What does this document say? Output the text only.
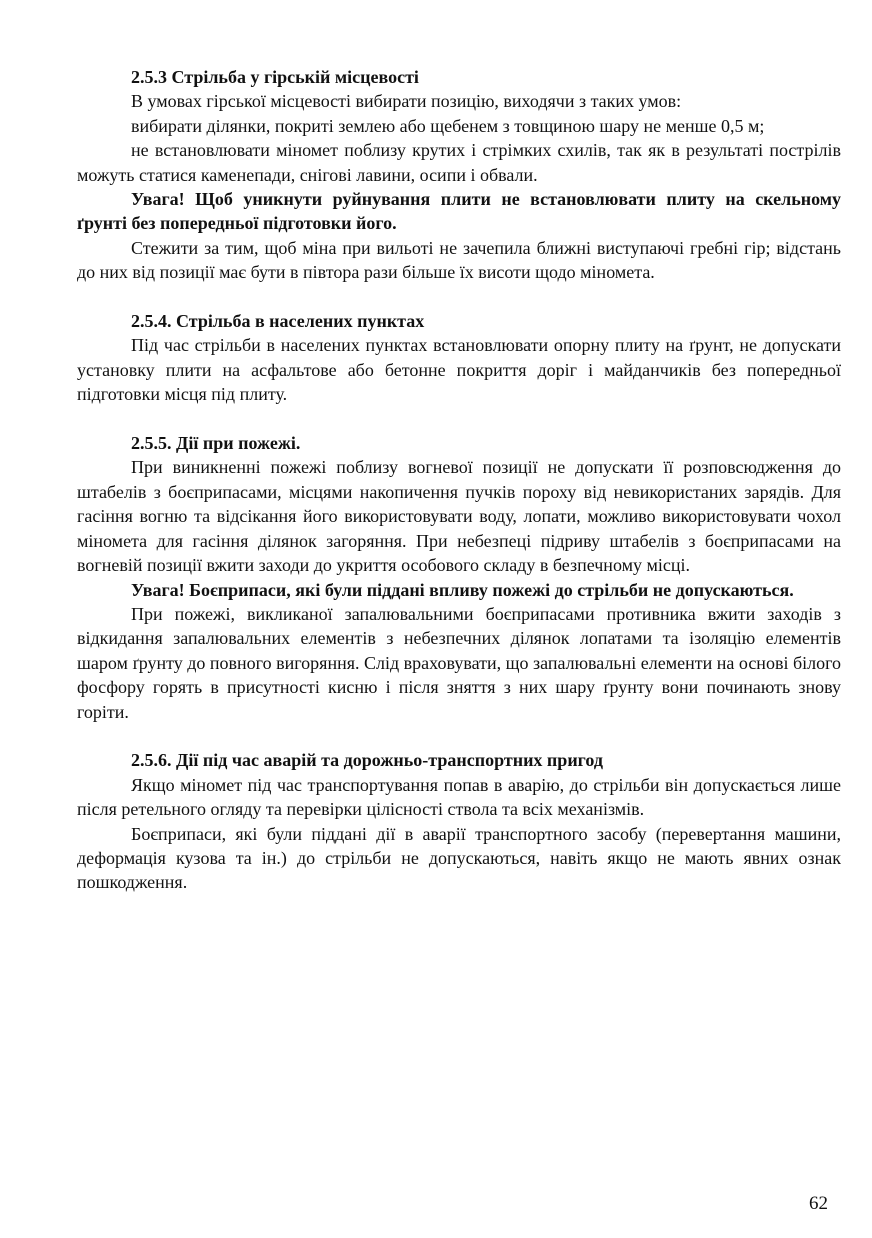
2.5.3 Стрільба у гірській місцевості

В умовах гірської місцевості вибирати позицію, виходячи з таких умов:

вибирати ділянки, покриті землею або щебенем з товщиною шару не менше 0,5 м;

не встановлювати міномет поблизу крутих і стрімких схилів, так як в результаті пострілів можуть статися каменепади, снігові лавини, осипи і обвали.

Увага! Щоб уникнути руйнування плити не встановлювати плиту на скельному ґрунті без попередньої підготовки його.

Стежити за тим, щоб міна при вильоті не зачепила ближні виступаючі гребні гір; відстань до них від позиції має бути в півтора рази більше їх висоти щодо міномета.

2.5.4. Стрільба в населених пунктах

Під час стрільби в населених пунктах встановлювати опорну плиту на ґрунт, не допускати установку плити на асфальтове або бетонне покриття доріг і майданчиків без попередньої підготовки місця під плиту.

2.5.5. Дії при пожежі.

При виникненні пожежі поблизу вогневої позиції не допускати її розповсюдження до штабелів з боєприпасами, місцями накопичення пучків пороху від невикористаних зарядів. Для гасіння вогню та відсікання його використовувати воду, лопати, можливо використовувати чохол міномета для гасіння ділянок загоряння. При небезпеці підриву штабелів з боєприпасами на вогневій позиції вжити заходи до укриття особового складу в безпечному місці.

Увага! Боєприпаси, які були піддані впливу пожежі до стрільби не допускаються.

При пожежі, викликаної запалювальними боєприпасами противника вжити заходів з відкидання запалювальних елементів з небезпечних ділянок лопатами та ізоляцію елементів шаром ґрунту до повного вигоряння. Слід враховувати, що запалювальні елементи на основі білого фосфору горять в присутності кисню і після зняття з них шару ґрунту вони починають знову горіти.

2.5.6. Дії під час аварій та дорожньо-транспортних пригод

Якщо міномет під час транспортування попав в аварію, до стрільби він допускається лише після ретельного огляду та перевірки цілісності ствола та всіх механізмів.

Боєприпаси, які були піддані дії в аварії транспортного засобу (перевертання машини, деформація кузова та ін.) до стрільби не допускаються, навіть якщо не мають явних ознак пошкодження.

62
